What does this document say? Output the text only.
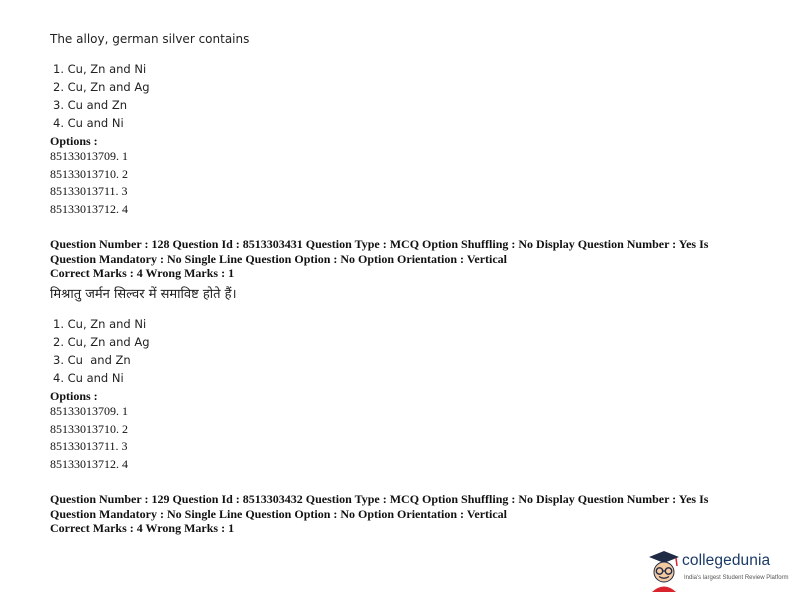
The alloy, german silver contains
1. Cu, Zn and Ni
2. Cu, Zn and Ag
3. Cu and Zn
4. Cu and Ni
Options :
85133013709. 1
85133013710. 2
85133013711. 3
85133013712. 4
Question Number : 128 Question Id : 8513303431 Question Type : MCQ Option Shuffling : No Display Question Number : Yes Is
Question Mandatory : No Single Line Question Option : No Option Orientation : Vertical
Correct Marks : 4 Wrong Marks : 1
मिश्रातु जर्मन सिल्वर में समाविष्ट होते हैं।
1. Cu, Zn and Ni
2. Cu, Zn and Ag
3. Cu  and Zn
4. Cu and Ni
Options :
85133013709. 1
85133013710. 2
85133013711. 3
85133013712. 4
Question Number : 129 Question Id : 8513303432 Question Type : MCQ Option Shuffling : No Display Question Number : Yes Is
Question Mandatory : No Single Line Question Option : No Option Orientation : Vertical
Correct Marks : 4 Wrong Marks : 1
collegedunia
India's largest Student Review Platform
